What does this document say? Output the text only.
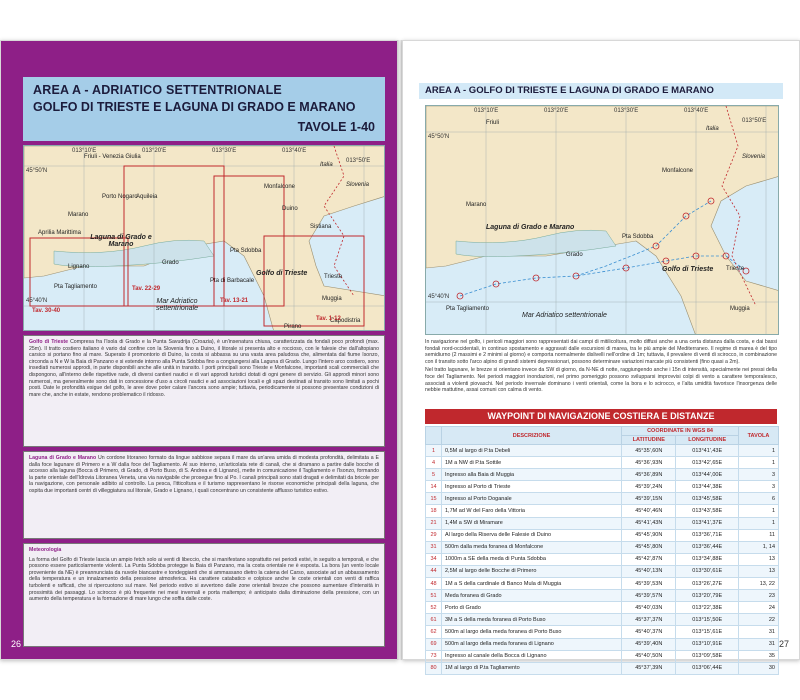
AREA A - ADRIATICO SETTENTRIONALE
GOLFO DI TRIESTE E LAGUNA DI GRADO E MARANO
TAVOLE 1-40
45°50'N
45°40'N
013°10'E	013°20'E	013°30'E	013°40'E
013°50'E
Friuli - Venezia Giulia
Italia
Slovenia
Porto Nogaro
Marano
Aprilia Marittima
Lignano
Pta Tagliamento
Grado
Laguna di Grado e Marano
Aquileia
Monfalcone
Duino
Sistiana
Golfo di Trieste
Pta Sdobba
Pta di Barbacale
Trieste
Muggia
Capodistria
Pirano
Mar Adriatico settentrionale
Tav. 30-40
Tav. 22-29
Tav. 13-21
Tav. 1-12

Golfo di Trieste Compresa fra l'Isola di Grado e la Punta Savudrija (Croazia), è un'insenatura chiusa, caratterizzata da fondali poco profondi (max. 25m). Il tratto costiero italiano è vario dal confine con la Slovenia fino a Duino, il litorale si presenta alto e roccioso, con le falesie che dall'altopiano carsico si portano fino al mare. Superato il promontorio di Duino, la costa si abbassa su una vasta area paludosa che, alimentata dal fiume Isonzo, circonda a N e W la Baia di Panzano e si estende intorno alla Punta Sdobba fino a congiungersi alla Laguna di Grado. Lungo l'intero arco costiero, sono insediati numerosi approdi, in parte disponibili anche alle unità in transito. I porti principali sono Trieste e Monfalcone, importanti scali commerciali che dispongono, all'interno delle rispettive rade, di diversi cantieri nautici e di vari approdi turistici dotati di ogni genere di servizio. Gli approdi minori sono numerosi, ma generalmente sono dati in concessione d'uso a circoli nautici e ad associazioni locali e gli spazi destinati al transito sono limitati a pochi posti. Date le profondità esigue del golfo, le aree dove poter calare l'ancora sono ampie; tuttavia, periodicamente si possono presentare condizioni di mare che, anche in estate, rendono problematico il ridosso.

Laguna di Grado e Marano Un cordone litoraneo formato da lingue sabbiose separa il mare da un'area umida di modesta profondità, delimitata a E dalla foce lagunare di Primero e a W dalla foce del Tagliamento. Al suo interno, un'articolata rete di canali, che si diramano a partire dalle bocche di accesso alla laguna (Bocca di Primero, di Grado, di Porto Buso, di S. Andrea e di Lignano), mette in comunicazione il Tagliamento e l'Isonzo, formando la parte orientale dell'Idrovia Litoranea Veneta, una via navigabile che prosegue fino al Po. I canali principali sono stati dragati e delimitati da bricole per la navigazione, con personale adibito al controllo. La pesca, l'itticoltura e il turismo rappresentano le risorse economiche principali della laguna, che ospita due importanti centri di villeggiatura sul litorale, Grado e Lignano, i quali concentrano un consistente afflusso turistico estivo.

Meteorologia

La forma del Golfo di Trieste lascia un ampio fetch solo ai venti di libeccio, che si manifestano soprattutto nei periodi estivi, in seguito a temporali, e che possono essere particolarmente violenti. La Punta Sdobba protegge la Baia di Panzano, ma la costa orientale ne è esposta. La bora (un vento locale proveniente da NE) è preannunciata da nuvole biancastre e tondeggianti che si ammassano dietro la catena del Carso, associate ad un abbassamento della temperatura e un innalzamento della pressione atmosferica. Ha carattere catabatico e colpisce anche le coste orientali con venti di raffica turbolenti e rafficati, che si ripercuotono sul mare. Nel periodo estivo si avvertono dalle zone orientali brezze che possono aumentare d'intensità in prossimità dei passaggi. Lo scirocco è più frequente nei mesi invernali e porta maltempo; è anticipato dalla diminuzione della pressione, con un aumento della temperatura e la formazione di mare lungo che soffia dalle coste.

26
AREA A - GOLFO DI TRIESTE E LAGUNA DI GRADO E MARANO
45°50'N
45°40'N
013°10'E	013°20'E	013°30'E	013°40'E
013°50'E
Italia
Slovenia
Friuli
Marano
Grado
Laguna di Grado e Marano
Golfo di Trieste
Monfalcone
Trieste
Muggia
Pta Tagliamento
Pta Sdobba
Mar Adriatico settentrionale

In navigazione nel golfo, i pericoli maggiori sono rappresentati dai campi di mitilicoltura, molto diffusi anche a una certa distanza dalla costa, e dai bassi fondali nord-occidentali, in continuo spostamento e aggravati dalle escursioni di marea, tra le più ampie del Mediterraneo. Il regime di marea è del tipo semidiurno (2 massimi e 2 minimi al giorno) e comporta normalmente dislivelli nell'ordine di 1m; tuttavia, il prevalere di venti di scirocco, in combinazione con il transito sotto l'arco alpino di grandi sistemi depressionari, possono determinare variazioni marcate più consistenti (fino quasi a 2m).

Nel tratto lagunare, le brezze si orientano invece da SW di giorno, da N-NE di notte, raggiungendo anche i 15n di intensità, specialmente nei pressi della foce del Tagliamento. Nei periodi maggiori inondazioni, nel primo pomeriggio possono svilupparsi improvvisi colpi di vento a carattere temporalesco, associati a violenti piovaschi. Nel periodo invernale dominano i venti orientali, come la bora e lo scirocco, e l'alta umidità favorisce l'insorgenza delle nebbie mattutine, assai comuni con calma di vento.

WAYPOINT DI NAVIGAZIONE COSTIERA E DISTANZE
	DESCRIZIONE	COORDINATE IN WGS 84		TAVOLA
		LATITUDINE	LONGITUDINE	
1	0,5M al largo di P.ta Debeli	45°35',60N	013°41',43E	1
4	1M a NW di P.ta Sottile	45°36',93N	013°42',65E	1
5	Ingresso alla Baia di Muggia	45°36',89N	013°44',00E	3
14	Ingresso al Porto di Trieste	45°39',24N	013°44',38E	3
15	Ingresso al Porto Doganale	45°39',15N	013°45',58E	6
18	1,7M ad W del Faro della Vittoria	45°40',46N	013°43',58E	1
21	1,4M a SW di Miramare	45°41',43N	013°41',37E	1
29	Al largo della Riserva delle Falesie di Duino	45°45',90N	013°36',71E	11
31	500m dalla meda foranea di Monfalcone	45°45',80N	013°36',44E	1, 14
34	1000m a SE della meda di Punta Sdobba	45°42',87N	013°34',88E	13
44	2,5M al largo delle Bocche di Primero	45°40',13N	013°30',61E	13
48	1M a S della cardinale di Banco Mula di Muggia	45°39',53N	013°26',27E	13, 22
51	Meda foranea di Grado	45°39',57N	013°20',79E	23
52	Porto di Grado	45°40',03N	013°22',38E	24
61	3M a S della meda foranea di Porto Buso	45°37',37N	013°15',50E	22
62	500m al largo della meda foranea di Porto Buso	45°40',37N	013°15',61E	31
69	500m al largo della meda foranea di Lignano	45°39',40N	013°10',91E	31
73	Ingresso al canale della Bocca di Lignano	45°40',50N	013°09',58E	35
80	1M al largo di P.ta Tagliamento	45°37',39N	013°06',44E	30
27
